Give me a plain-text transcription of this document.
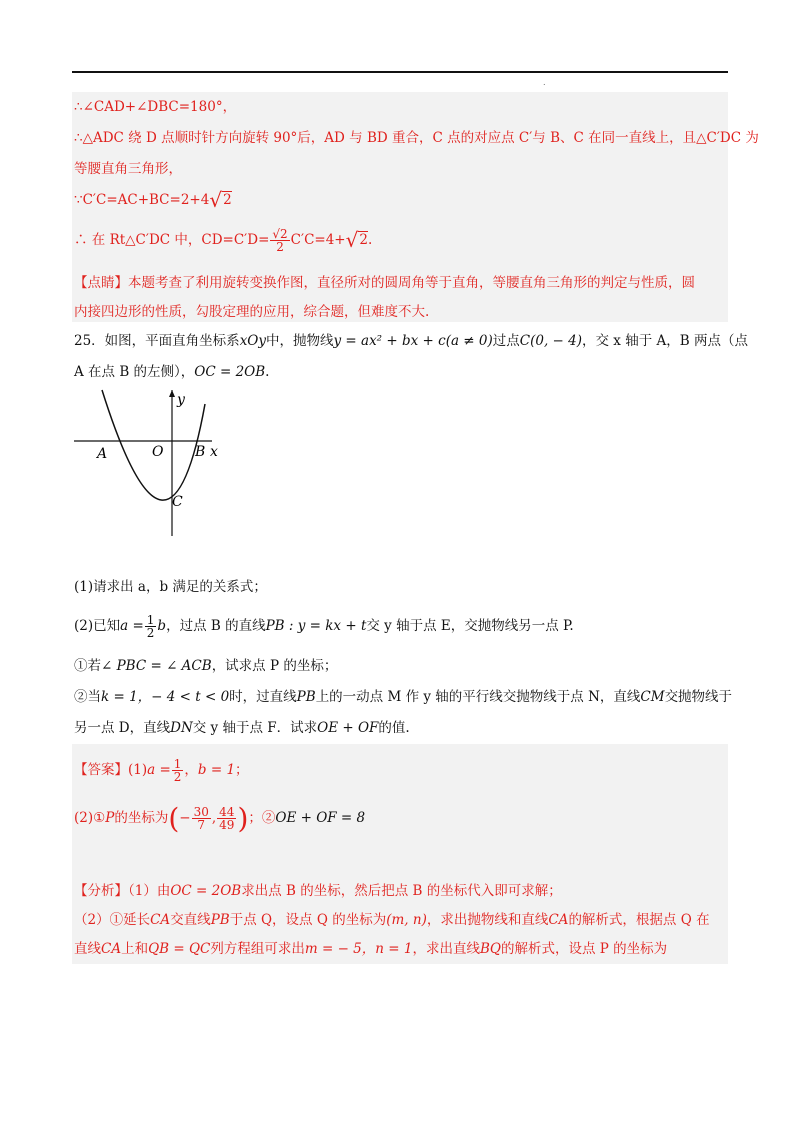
.
∴∠CAD+∠DBC=180°，
∴△ADC 绕 D 点顺时针方向旋转 90°后，AD 与 BD 重合，C 点的对应点 C′与 B、C 在同一直线上，且△C′DC 为
等腰直角三角形，
∵C′C=AC+BC=2+4√2
∴ 在 Rt△C′DC 中，$CD=C'D= \frac{√2}{2} C'C=4+√2$.
【点睛】本题考查了利用旋转变换作图，直径所对的圆周角等于直角，等腰直角三角形的判定与性质，圆
内接四边形的性质，勾股定理的应用，综合题，但难度不大.
25．如图，平面直角坐标系xOy中，抛物线y = ax² + bx + c(a ≠ 0)过点C(0, − 4)，交 x 轴于 A，B 两点（点
A 在点 B 的左侧），OC = 2OB.
y
x
A	O B
C
(1)请求出 a，b 满足的关系式；
(2)已知$a = \frac{1}{2}$ b，过点 B 的直线PB : y = kx + t交 y 轴于点 E，交抛物线另一点 P.
①若∠ PBC = ∠ ACB，试求点 P 的坐标；
②当k = 1，− 4 < t < 0时，过直线PB上的一动点 M 作 y 轴的平行线交抛物线于点 N，直线CM交抛物线于
另一点 D，直线DN交 y 轴于点 F．试求OE + OF的值.
【答案】$(1)a = \frac{1}{2}$ ，b = 1；
(2)①P的坐标为(− $\frac{30}{7}$ , $\frac{44}{49}$ )；②OE + OF = 8
【分析】（1）由OC = 2OB求出点 B 的坐标，然后把点 B 的坐标代入即可求解；
（2）①延长CA交直线PB于点 Q，设点 Q 的坐标为(m, n)，求出抛物线和直线CA的解析式，根据点 Q 在
直线CA上和QB = QC列方程组可求出m = − 5，n = 1，求出直线BQ的解析式，设点 P 的坐标为
